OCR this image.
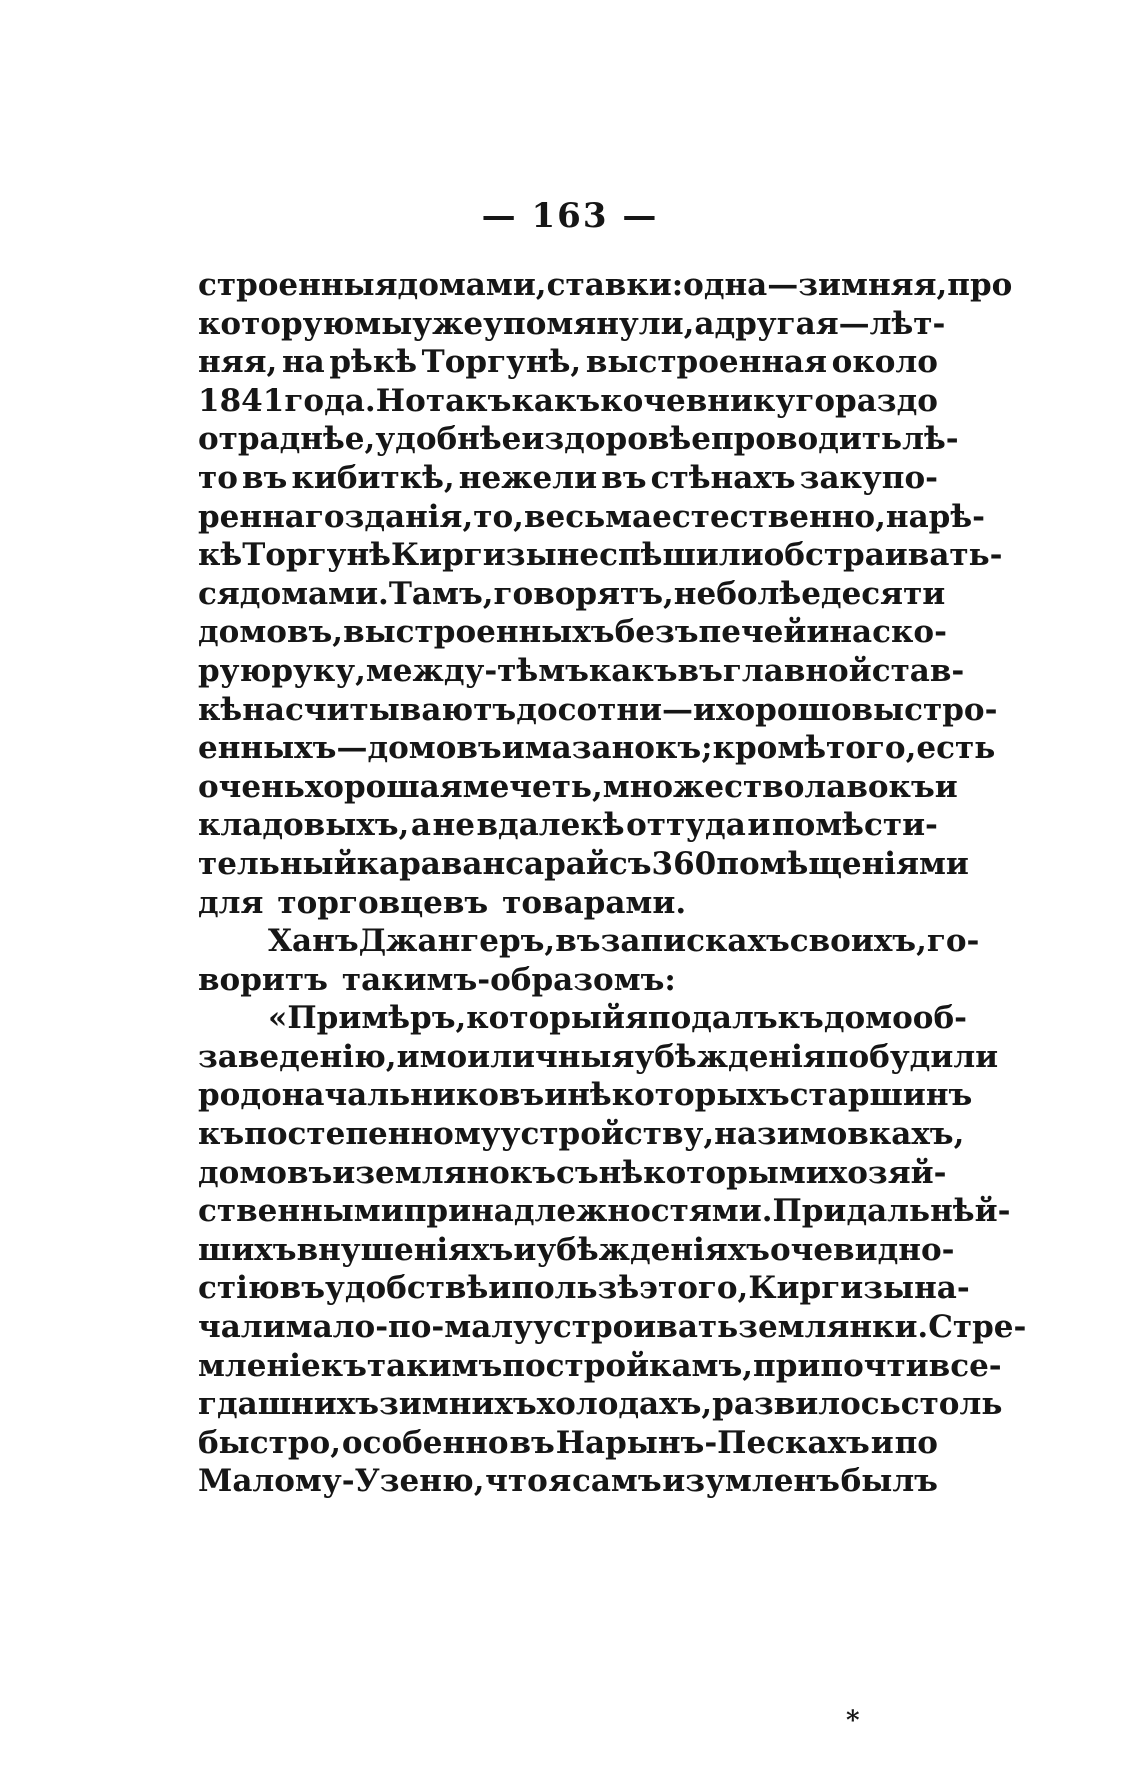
— 163 —
строенныя домами, ставки: одна—зимняя, про
которую мы уже упомянули, а другая—лѣт-
няя, на рѣкѣ Торгунѣ, выстроенная около
1841 года. Но такъ какъ кочевнику гораздо
отраднѣе, удобнѣе и здоровѣе проводить лѣ-
то въ кибиткѣ, нежели въ стѣнахъ закупо-
реннаго зданія, то, весьма естественно, на рѣ-
кѣ Торгунѣ Киргизы не спѣшили обстраивать-
ся домами. Тамъ, говорятъ, не болѣе десяти
домовъ, выстроенныхъ безъ печей и на ско-
рую руку, между-тѣмъ какъ въ главной став-
кѣ насчитываютъ до сотни—и хорошо выстро-
енныхъ—домовъ и мазанокъ; кромѣ того, есть
очень хорошая мечеть, множество лавокъ и
кладовыхъ, а не вдалекѣ оттуда и помѣсти-
тельный каравансарай съ 360 помѣщеніями
для торговцевъ товарами.
Ханъ Джангеръ, въ запискахъ своихъ, го-
воритъ такимъ-образомъ:
«Примѣръ, который я подалъ къ домооб-
заведенію, и мои личныя убѣжденія побудили
родоначальниковъ и нѣкоторыхъ старшинъ
къ постепенному устройству, на зимовкахъ,
домовъ и землянокъ съ нѣкоторыми хозяй-
ственными принадлежностями. При дальнѣй-
шихъ внушеніяхъ и убѣжденіяхъ очевидно-
стію въ удобствѣ и пользѣ этого, Киргизы на-
чали мало-по-малу устроивать землянки. Стре-
мленіе къ такимъ постройкамъ, при почти все-
гдашнихъ зимнихъ холодахъ, развилось столь
быстро, особенно въ Нарынъ-Пескахъ и по
Малому-Узеню, что я самъ изумленъ былъ
*
